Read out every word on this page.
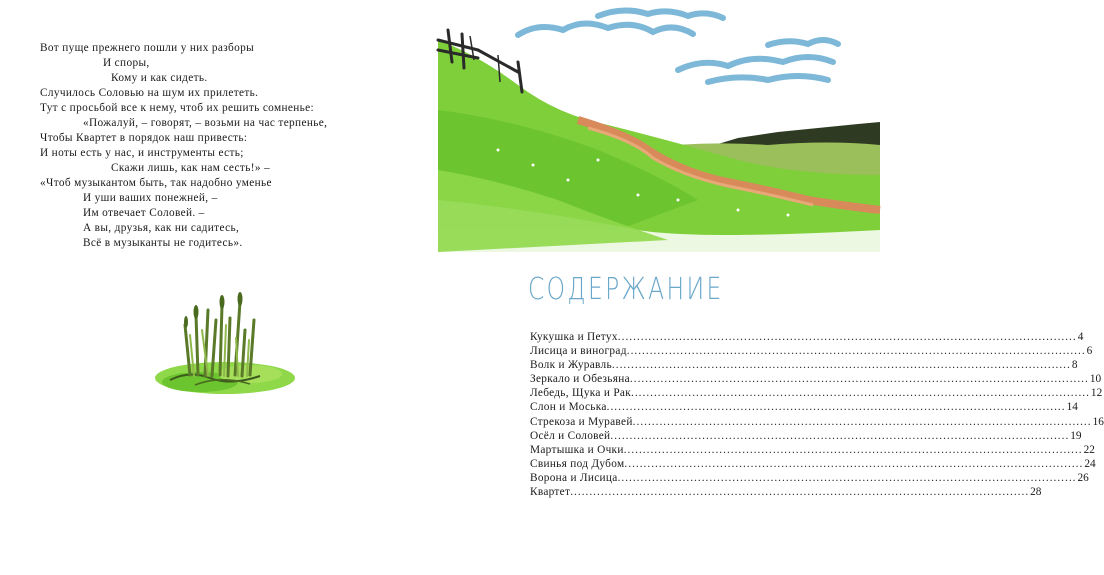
Вот пуще прежнего пошли у них разборы
И споры,
Кому и как сидеть.
Случилось Соловью на шум их прилететь.
Тут с просьбой все к нему, чтоб их решить сомненье:
«Пожалуй, – говорят, – возьми на час терпенье,
Чтобы Квартет в порядок наш привесть:
И ноты есть у нас, и инструменты есть;
Скажи лишь, как нам сесть!» –
«Чтоб музыкантом быть, так надобно уменье
И уши ваших понежней, –
Им отвечает Соловей. –
А вы, друзья, как ни садитесь,
Всё в музыканты не годитесь».
СОДЕРЖАНИЕ
Кукушка и Петух ........................................................................................................................ 4
Лисица и виноград ........................................................................................................................ 6
Волк и Журавль ........................................................................................................................ 8
Зеркало и Обезьяна ........................................................................................................................ 10
Лебедь, Щука и Рак ........................................................................................................................ 12
Слон и Моська ........................................................................................................................ 14
Стрекоза и Муравей ........................................................................................................................ 16
Осёл и Соловей ........................................................................................................................ 19
Мартышка и Очки ........................................................................................................................ 22
Свинья под Дубом ........................................................................................................................ 24
Ворона и Лисица ........................................................................................................................ 26
Квартет ........................................................................................................................ 28
